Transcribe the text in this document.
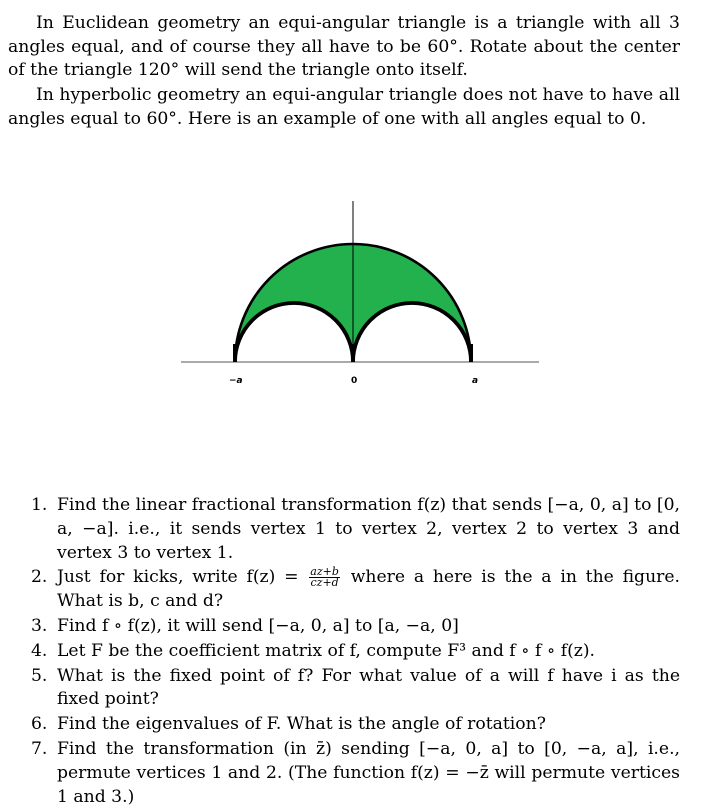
In Euclidean geometry an equi-angular triangle is a triangle with all 3 angles equal, and of course they all have to be 60°. Rotate about the center of the triangle 120° will send the triangle onto itself.

In hyperbolic geometry an equi-angular triangle does not have to have all angles equal to 60°. Here is an example of one with all angles equal to 0.

−a	0	a
1. Find the linear fractional transformation f(z) that sends [−a, 0, a] to [0, a, −a]. i.e., it sends vertex 1 to vertex 2, vertex 2 to vertex 3 and vertex 3 to vertex 1.
2. Just for kicks, write $f(z) = \frac{az+b}{cz+d}$ where a here is the a in the figure. What is b, c and d?
3. Find f ∘ f(z), it will send [−a, 0, a] to [a, −a, 0]
4. Let F be the coefficient matrix of f, compute F³ and f ∘ f ∘ f(z).
5. What is the fixed point of f? For what value of a will f have i as the fixed point?
6. Find the eigenvalues of F. What is the angle of rotation?
7. Find the transformation (in z̄) sending [−a, 0, a] to [0, −a, a], i.e., permute vertices 1 and 2. (The function f(z) = −z̄ will permute vertices 1 and 3.)
